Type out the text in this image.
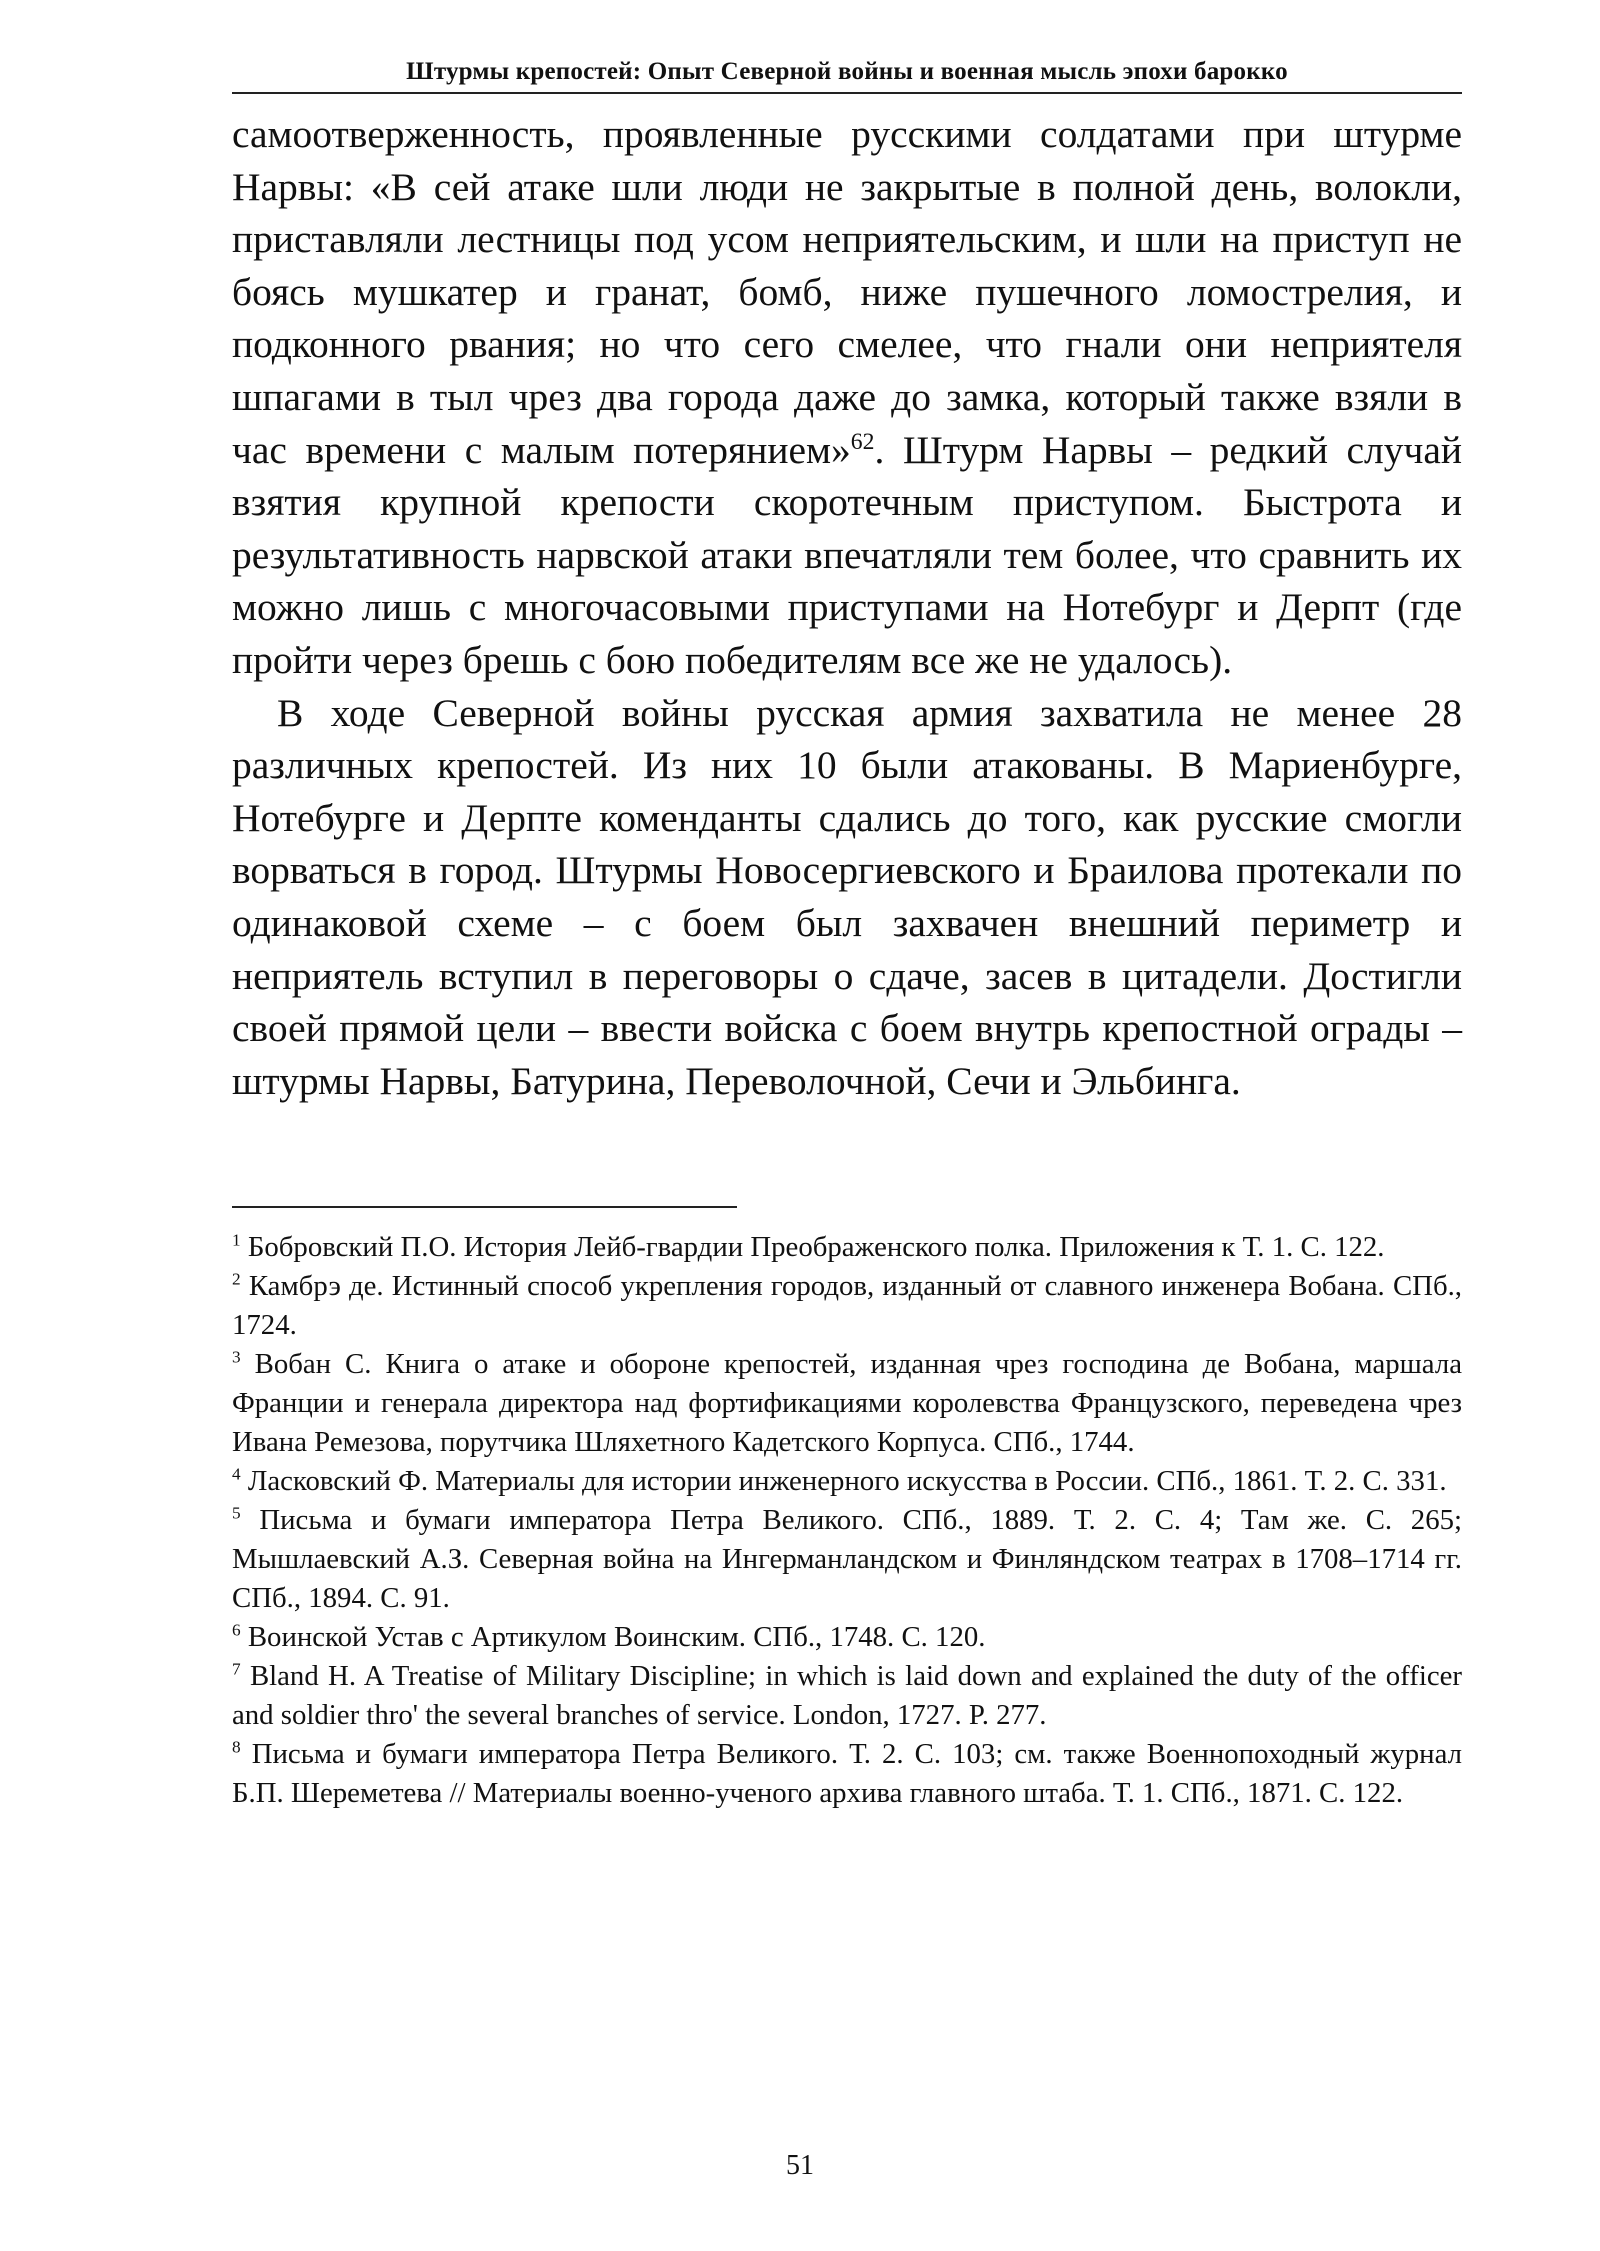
Штурмы крепостей: Опыт Северной войны и военная мысль эпохи барокко

самоотверженность, проявленные русскими солдатами при штурме Нарвы: «В сей атаке шли люди не закрытые в полной день, волокли, приставляли лестницы под усом неприятельским, и шли на приступ не боясь мушкатер и гранат, бомб, ниже пушечного ломострелия, и подконного рвания; но что сего смелее, что гнали они неприятеля шпагами в тыл чрез два города даже до замка, который также взяли в час времени с малым потерянием»$^{62}$. Штурм Нарвы – редкий случай взятия крупной крепости скоротечным приступом. Быстрота и результативность нарвской атаки впечатляли тем более, что сравнить их можно лишь с многочасовыми приступами на Нотебург и Дерпт (где пройти через брешь с бою победителям все же не удалось).

В ходе Северной войны русская армия захватила не менее 28 различных крепостей. Из них 10 были атакованы. В Мариенбурге, Нотебурге и Дерпте коменданты сдались до того, как русские смогли ворваться в город. Штурмы Новосергиевского и Браилова протекали по одинаковой схеме – с боем был захвачен внешний периметр и неприятель вступил в переговоры о сдаче, засев в цитадели. Достигли своей прямой цели – ввести войска с боем внутрь крепостной ограды – штурмы Нарвы, Батурина, Переволочной, Сечи и Эльбинга.

$^1$ Бобровский П.О. История Лейб-гвардии Преображенского полка. Приложения к Т. 1. С. 122.

$^2$ Камбрэ де. Истинный способ укрепления городов, изданный от славного инженера Вобана. СПб., 1724.

$^3$ Вобан С. Книга о атаке и обороне крепостей, изданная чрез господина де Вобана, маршала Франции и генерала директора над фортификациями королевства Французского, переведена чрез Ивана Ремезова, порутчика Шляхетного Кадетского Корпуса. СПб., 1744.

$^4$ Ласковский Ф. Материалы для истории инженерного искусства в России. СПб., 1861. Т. 2. С. 331.

$^5$ Письма и бумаги императора Петра Великого. СПб., 1889. Т. 2. С. 4; Там же. С. 265; Мышлаевский А.З. Северная война на Ингерманландском и Финляндском театрах в 1708–1714 гг. СПб., 1894. С. 91.

$^6$ Воинской Устав с Артикулом Воинским. СПб., 1748. С. 120.

$^7$ Bland H. A Treatise of Military Discipline; in which is laid down and explained the duty of the officer and soldier thro' the several branches of service. London, 1727. P. 277.

$^8$ Письма и бумаги императора Петра Великого. Т. 2. С. 103; см. также Военнопоходный журнал Б.П. Шереметева // Материалы военно-ученого архива главного штаба. Т. 1. СПб., 1871. С. 122.

51
